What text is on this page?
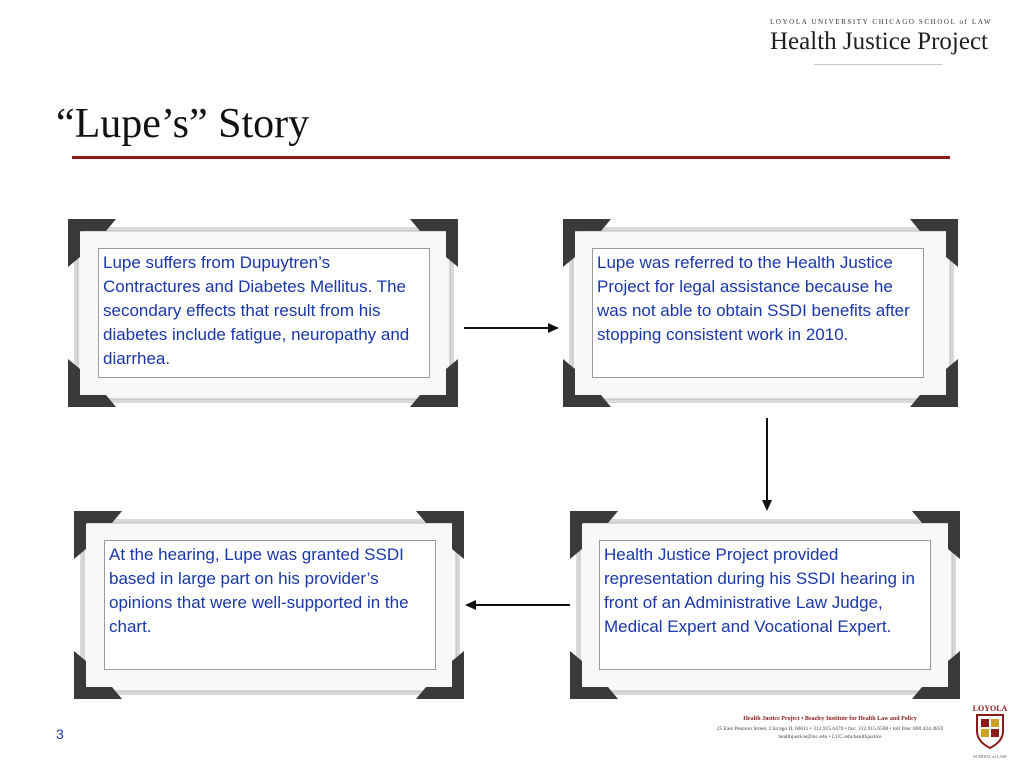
LOYOLA UNIVERSITY CHICAGO SCHOOL of LAW
Health Justice Project
“Lupe’s” Story
Lupe suffers from Dupuytren’s Contractures and Diabetes Mellitus. The secondary effects that result from his diabetes include fatigue, neuropathy and diarrhea.
Lupe was referred to the Health Justice Project for legal assistance because he was not able to obtain SSDI benefits after stopping consistent work in 2010.
Health Justice Project provided representation during his SSDI hearing in front of an Administrative Law Judge, Medical Expert and Vocational Expert.
At the hearing, Lupe was granted SSDI based in large part on his provider’s opinions that were well-supported in the chart.
3
Health Justice Project • Beazley Institute for Health Law and Policy
25 East Pearson Street, Chicago IL 60611 • 312.915.6470 • fax: 312.915.6588 • toll free: 800.424.4859
healthjustice@luc.edu • LUC.edu/healthjustice
LOYOLA
SCHOOL of LAW
